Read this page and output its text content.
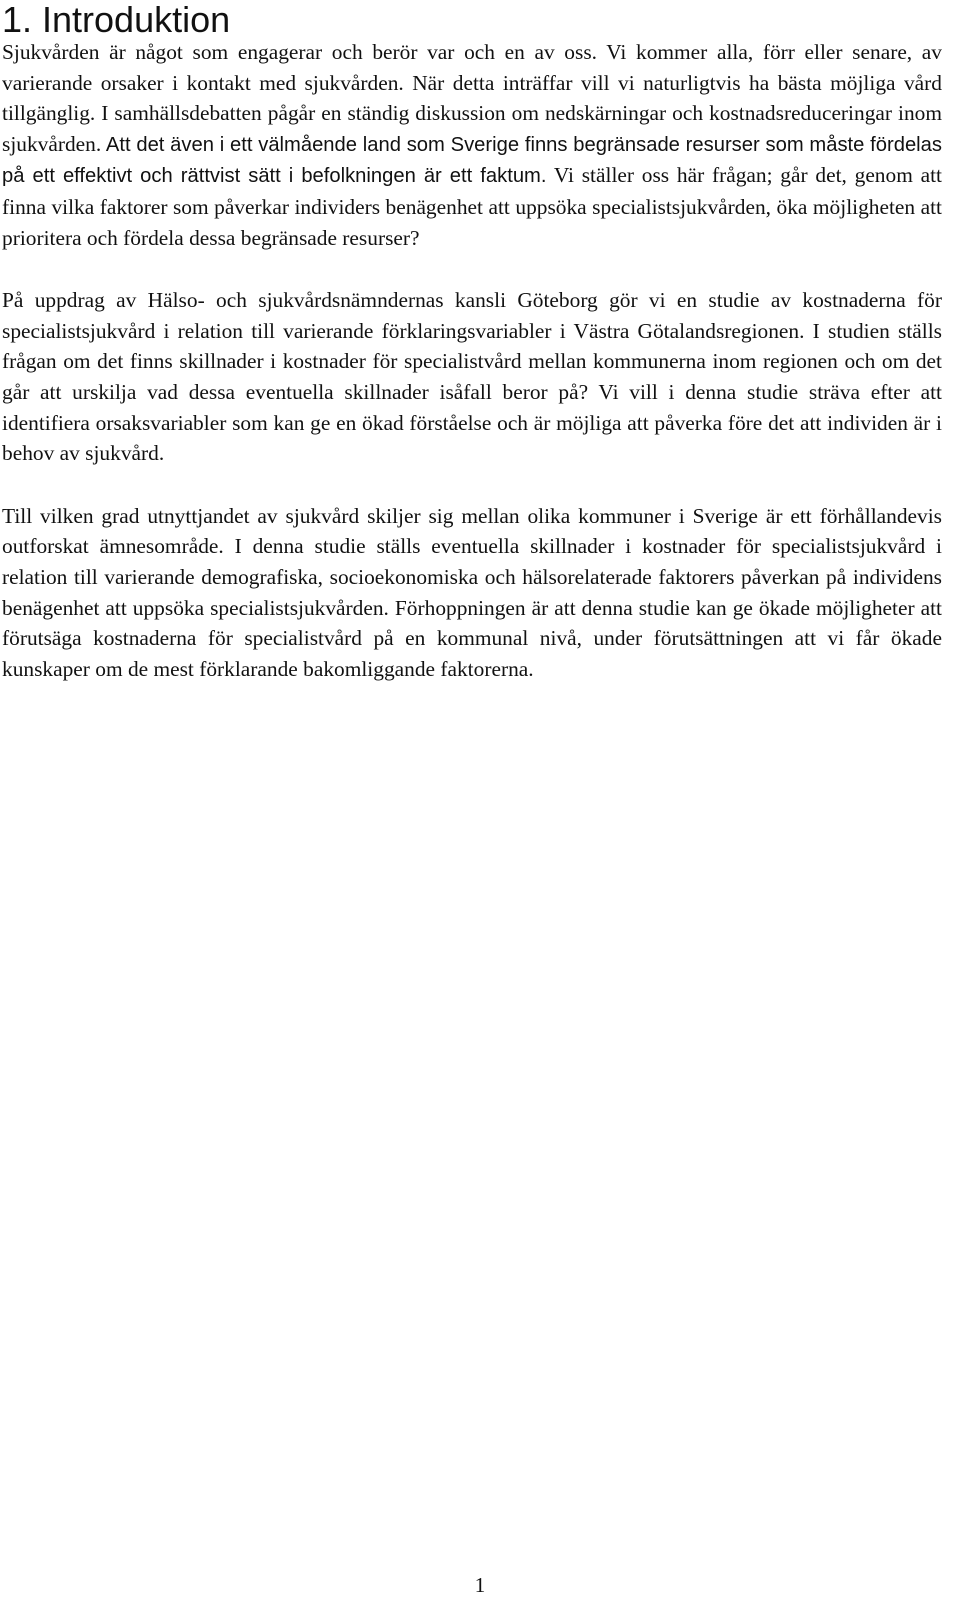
1. Introduktion

Sjukvården är något som engagerar och berör var och en av oss. Vi kommer alla, förr eller senare, av varierande orsaker i kontakt med sjukvården. När detta inträffar vill vi naturligtvis ha bästa möjliga vård tillgänglig. I samhällsdebatten pågår en ständig diskussion om nedskärningar och kostnadsreduceringar inom sjukvården. Att det även i ett välmående land som Sverige finns begränsade resurser som måste fördelas på ett effektivt och rättvist sätt i befolkningen är ett faktum. Vi ställer oss här frågan; går det, genom att finna vilka faktorer som påverkar individers benägenhet att uppsöka specialistsjukvården, öka möjligheten att prioritera och fördela dessa begränsade resurser?

På uppdrag av Hälso- och sjukvårdsnämndernas kansli Göteborg gör vi en studie av kostnaderna för specialistsjukvård i relation till varierande förklaringsvariabler i Västra Götalandsregionen. I studien ställs frågan om det finns skillnader i kostnader för specialistvård mellan kommunerna inom regionen och om det går att urskilja vad dessa eventuella skillnader isåfall beror på? Vi vill i denna studie sträva efter att identifiera orsaksvariabler som kan ge en ökad förståelse och är möjliga att påverka före det att individen är i behov av sjukvård.

Till vilken grad utnyttjandet av sjukvård skiljer sig mellan olika kommuner i Sverige är ett förhållandevis outforskat ämnesområde. I denna studie ställs eventuella skillnader i kostnader för specialistsjukvård i relation till varierande demografiska, socioekonomiska och hälsorelaterade faktorers påverkan på individens benägenhet att uppsöka specialistsjukvården. Förhoppningen är att denna studie kan ge ökade möjligheter att förutsäga kostnaderna för specialistvård på en kommunal nivå, under förutsättningen att vi får ökade kunskaper om de mest förklarande bakomliggande faktorerna.

1
